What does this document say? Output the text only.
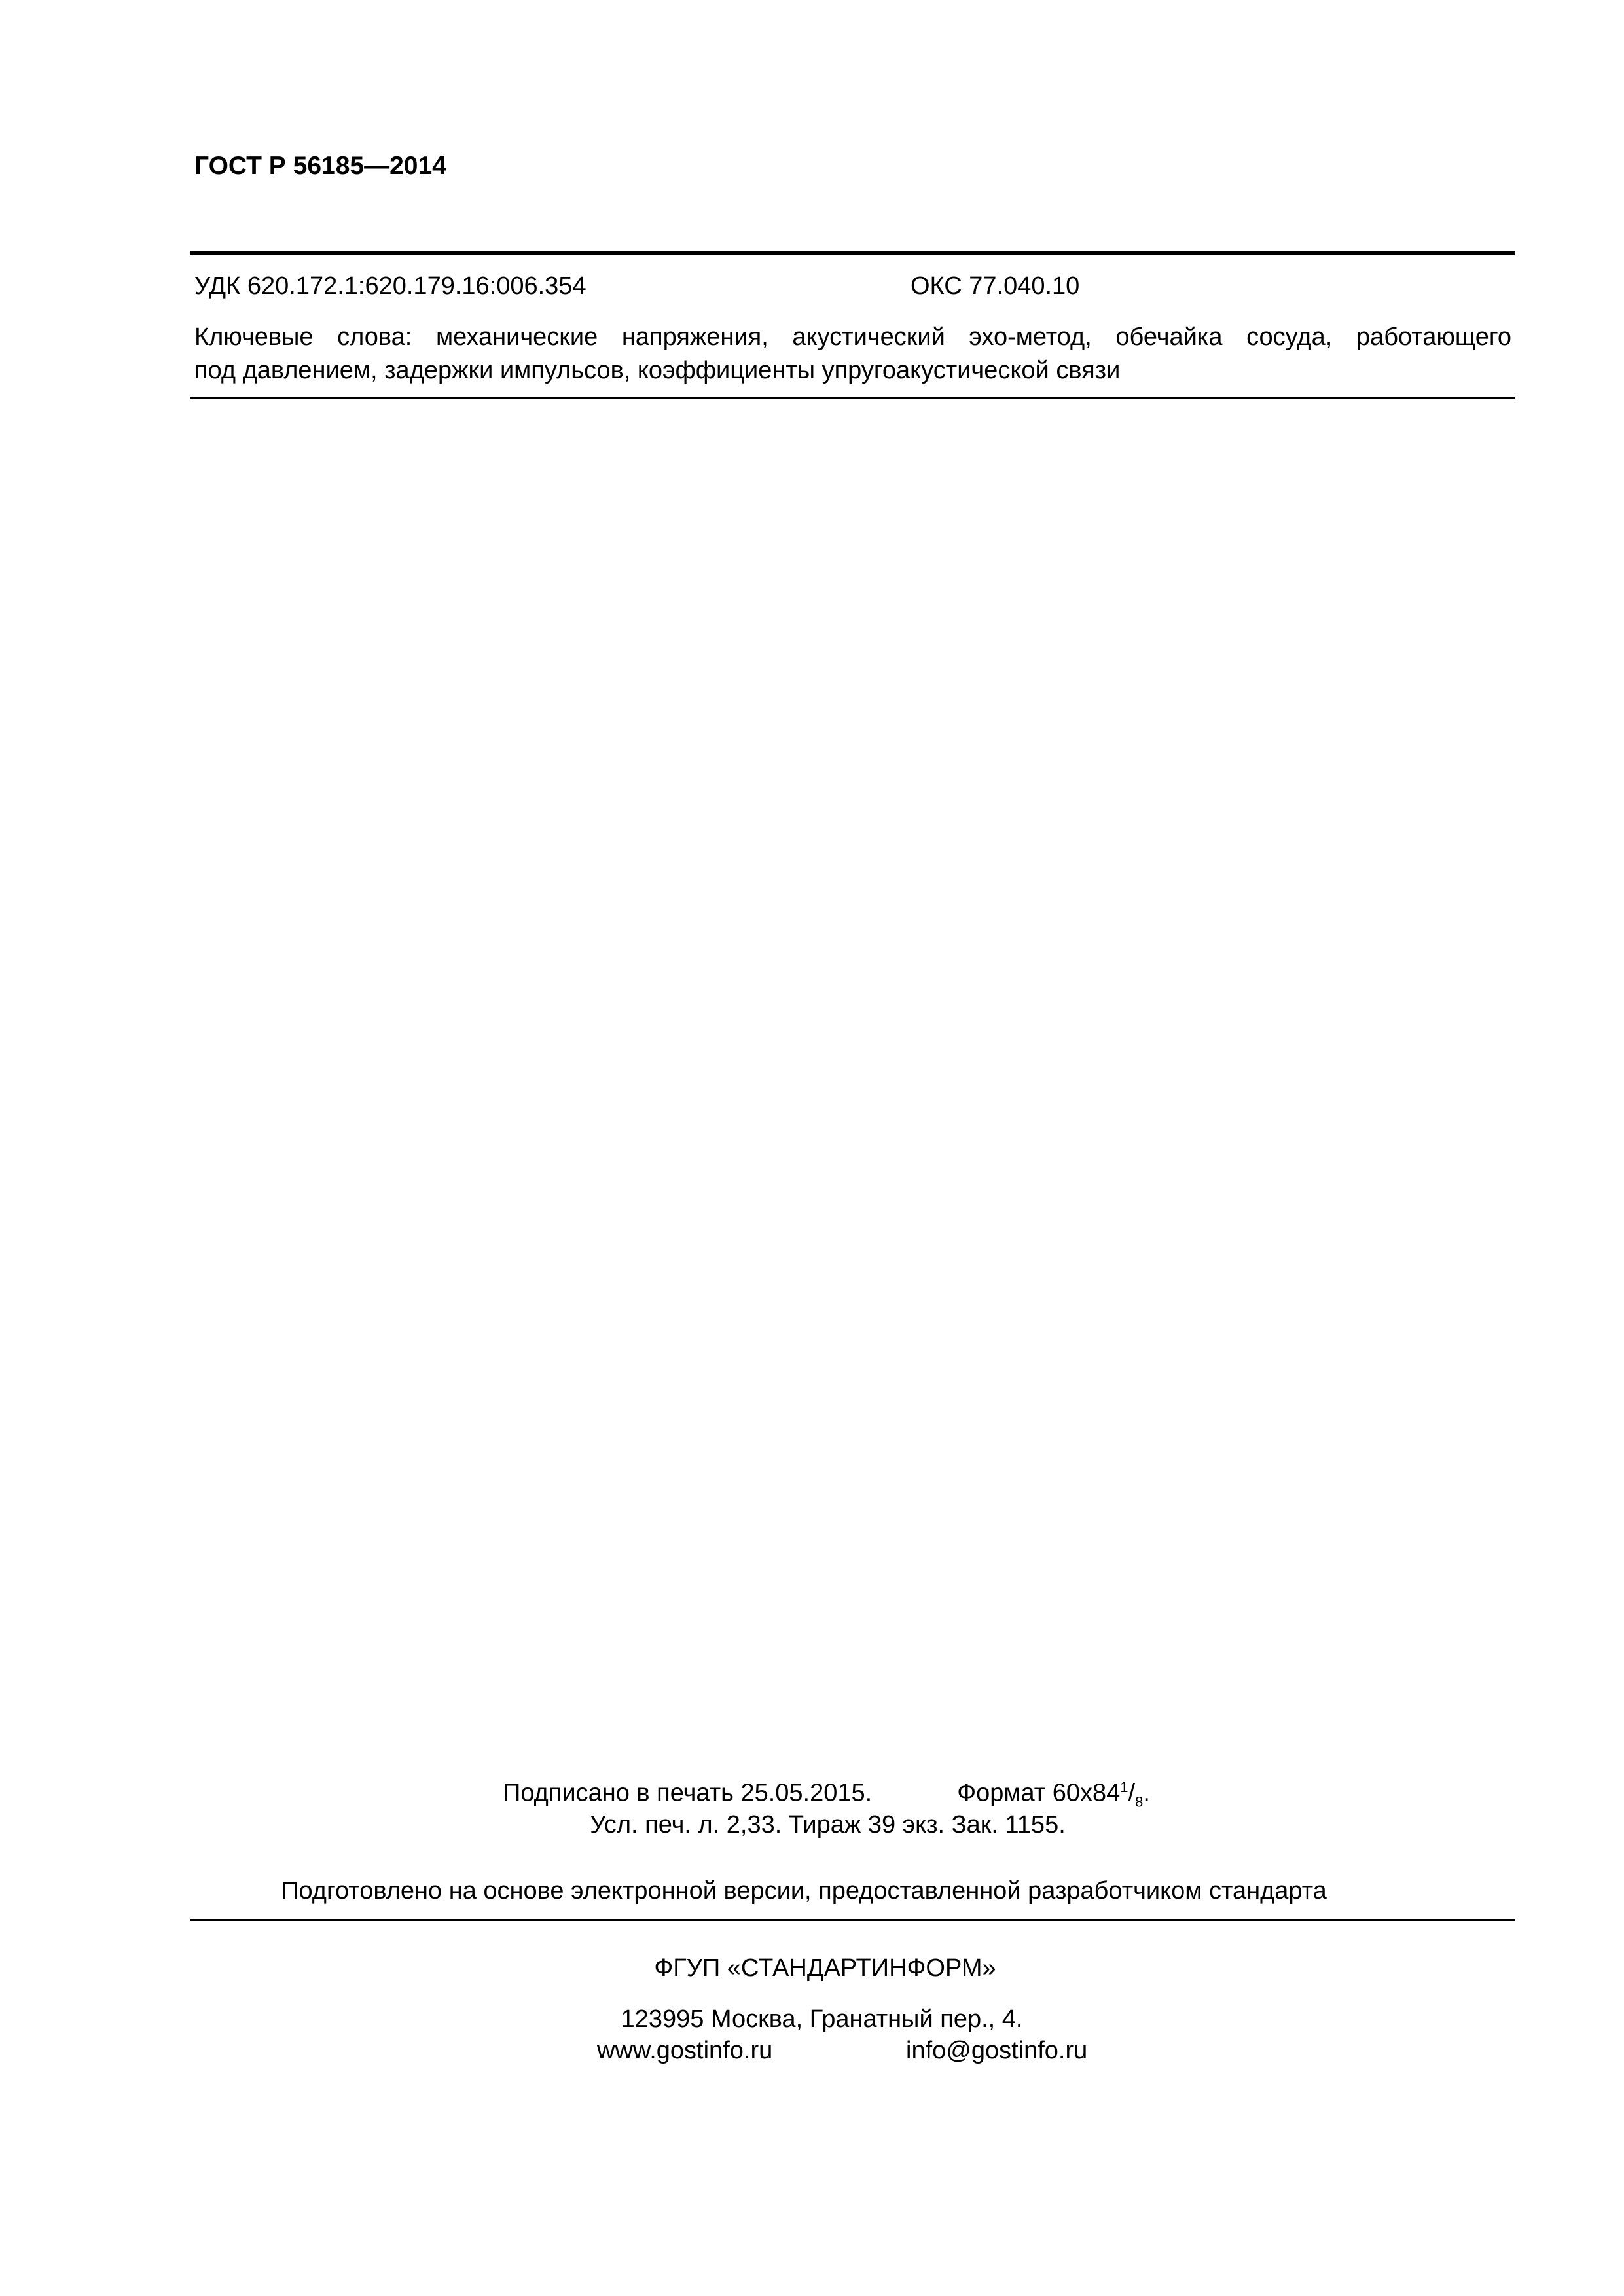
ГОСТ Р 56185—2014
УДК 620.172.1:620.179.16:006.354	ОКС 77.040.10
Ключевые слова: механические напряжения, акустический эхо-метод, обечайка сосуда, работающего
под давлением, задержки импульсов, коэффициенты упругоакустической связи
Подписано в печать 25.05.2015.	Формат $60x84^1/_8$.
Усл. печ. л. 2,33. Тираж 39 экз. Зак. 1155.
Подготовлено на основе электронной версии, предоставленной разработчиком стандарта
ФГУП «СТАНДАРТИНФОРМ»
123995 Москва, Гранатный пер., 4.
www.gostinfo.ru	info@gostinfo.ru
